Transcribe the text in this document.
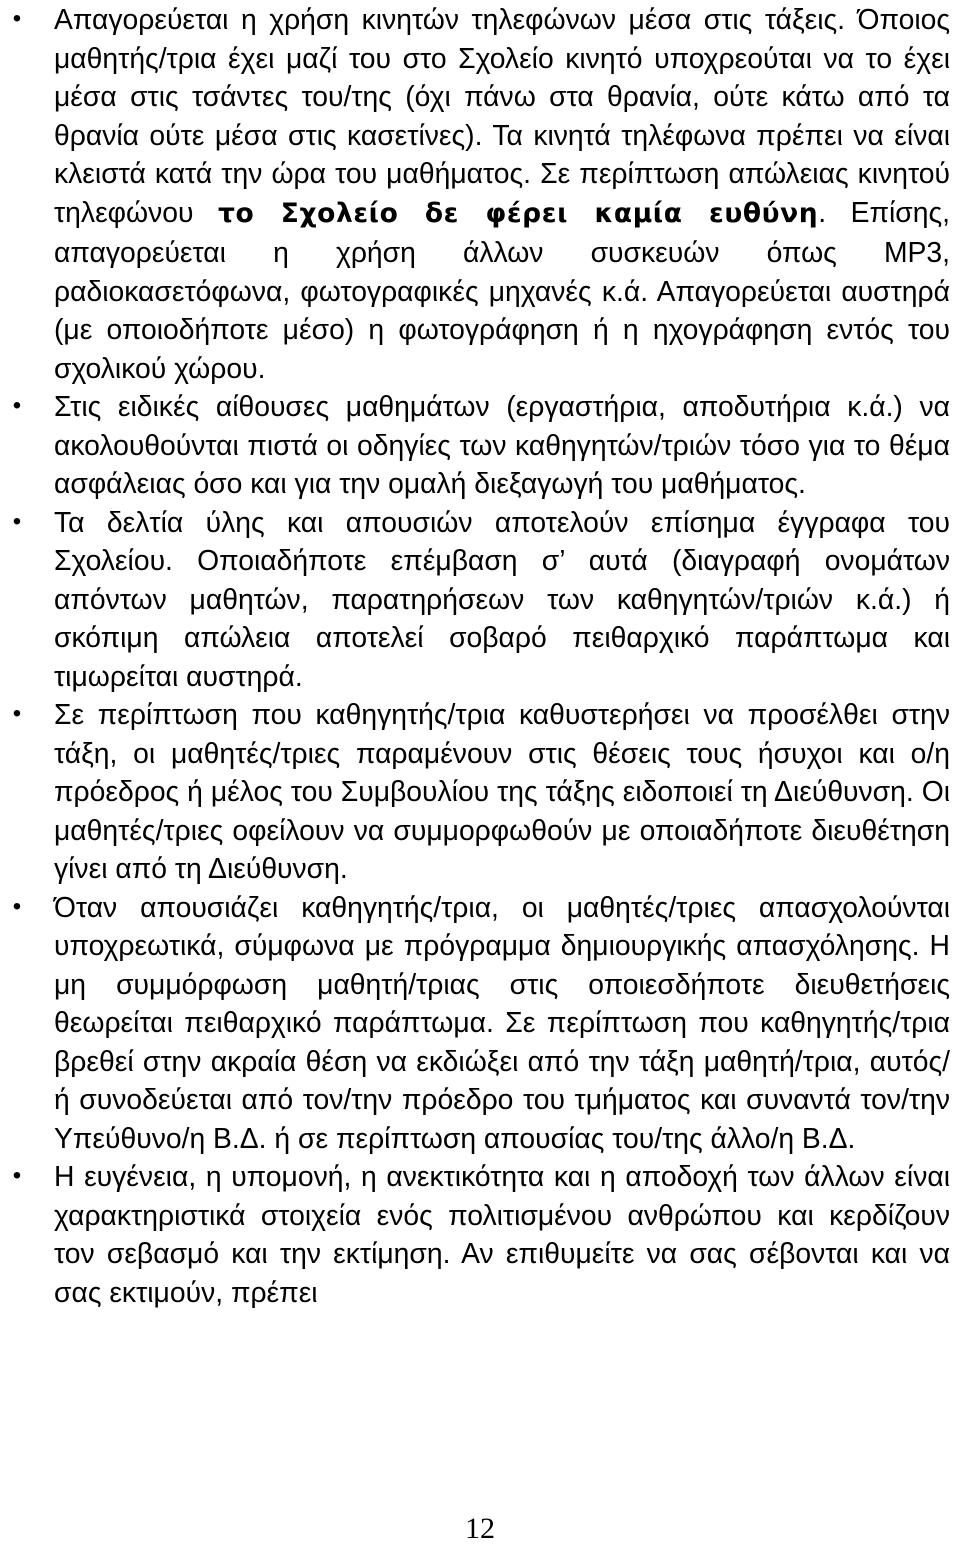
•	Απαγορεύεται η χρήση κινητών τηλεφώνων μέσα στις τάξεις. Όποιος μαθητής/τρια έχει μαζί του στο Σχολείο κινητό υποχρεούται να το έχει μέσα στις τσάντες του/της (όχι πάνω στα θρανία, ούτε κάτω από τα θρανία ούτε μέσα στις κασετίνες). Τα κινητά τηλέφωνα πρέπει να είναι κλειστά κατά την ώρα του μαθήματος. Σε περίπτωση απώλειας κινητού τηλεφώνου το Σχολείο δε φέρει καμία ευθύνη. Επίσης, απαγορεύεται η χρήση άλλων συσκευών όπως MP3, ραδιοκασετόφωνα, φωτογραφικές μηχανές κ.ά. Απαγορεύεται αυστηρά (με οποιοδήποτε μέσο) η φωτογράφηση ή η ηχογράφηση εντός του σχολικού χώρου.
•	Στις ειδικές αίθουσες μαθημάτων (εργαστήρια, αποδυτήρια κ.ά.) να ακολουθούνται πιστά οι οδηγίες των καθηγητών/τριών τόσο για το θέμα ασφάλειας όσο και για την ομαλή διεξαγωγή του μαθήματος.
•	Τα δελτία ύλης και απουσιών αποτελούν επίσημα έγγραφα του Σχολείου. Οποιαδήποτε επέμβαση σ’ αυτά (διαγραφή ονομάτων απόντων μαθητών, παρατηρήσεων των καθηγητών/τριών κ.ά.) ή σκόπιμη απώλεια αποτελεί σοβαρό πειθαρχικό παράπτωμα και τιμωρείται αυστηρά.
•	Σε περίπτωση που καθηγητής/τρια καθυστερήσει να προσέλθει στην τάξη, οι μαθητές/τριες παραμένουν στις θέσεις τους ήσυχοι και ο/η πρόεδρος ή μέλος του Συμβουλίου της τάξης ειδοποιεί τη Διεύθυνση. Οι μαθητές/τριες οφείλουν να συμμορφωθούν με οποιαδήποτε διευθέτηση γίνει από τη Διεύθυνση.
•	Όταν απουσιάζει καθηγητής/τρια, οι μαθητές/τριες απασχολούνται υποχρεωτικά, σύμφωνα με πρόγραμμα δημιουργικής απασχόλησης. Η μη συμμόρφωση μαθητή/τριας στις οποιεσδήποτε διευθετήσεις θεωρείται πειθαρχικό παράπτωμα. Σε περίπτωση που καθηγητής/τρια βρεθεί στην ακραία θέση να εκδιώξει από την τάξη μαθητή/τρια, αυτός/ή συνοδεύεται από τον/την πρόεδρο του τμήματος και συναντά τον/την Υπεύθυνο/η Β.Δ. ή σε περίπτωση απουσίας του/της άλλο/η Β.Δ.
•	Η ευγένεια, η υπομονή, η ανεκτικότητα και η αποδοχή των άλλων είναι χαρακτηριστικά στοιχεία ενός πολιτισμένου ανθρώπου και κερδίζουν τον σεβασμό και την εκτίμηση. Αν επιθυμείτε να σας σέβονται και να σας εκτιμούν, πρέπει
12
